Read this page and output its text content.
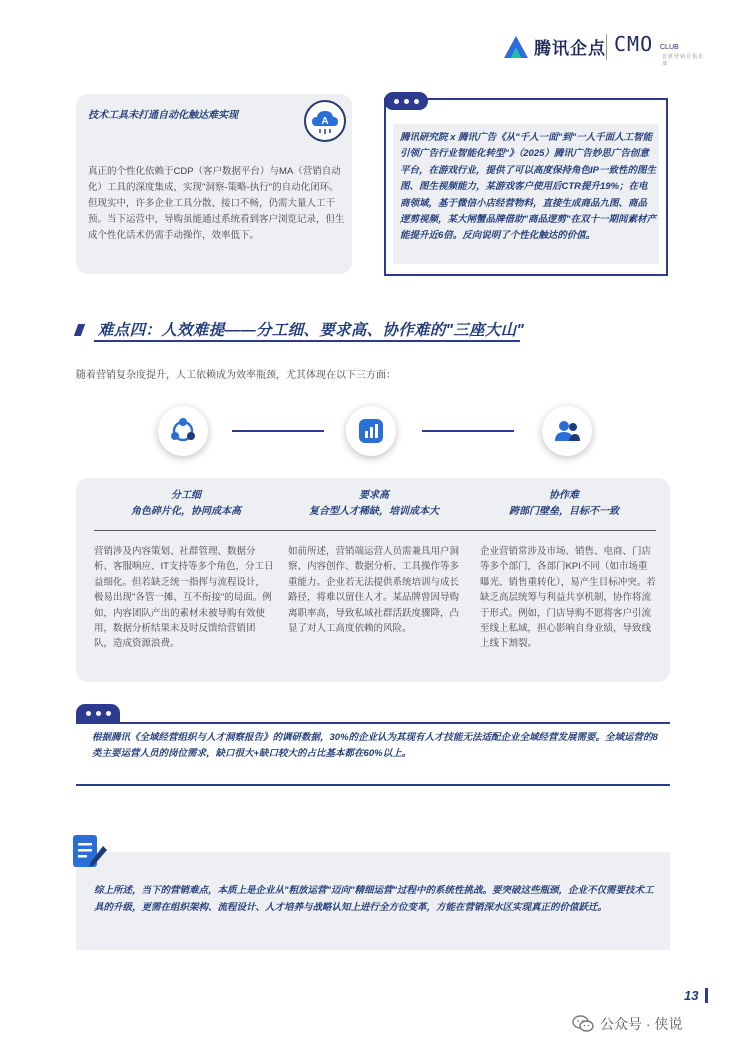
腾讯企点 CMO CLUB
首席营销官俱乐部
技术工具未打通自动化触达难实现
A
真正的个性化依赖于CDP（客户数据平台）与MA（营销自动化）工具的深度集成，实现"洞察-策略-执行"的自动化闭环。但现实中，许多企业工具分散、接口不畅，仍需大量人工干预。当下运营中，导购虽能通过系统看到客户浏览记录，但生成个性化话术仍需手动操作，效率低下。
腾讯研究院 x 腾讯广告《从"千人一面"到"一人千面人工智能引领广告行业智能化转型"》（2025）腾讯广告妙思广告创意平台，在游戏行业，提供了可以高度保持角色IP一致性的图生图、图生视频能力，某游戏客户使用后CTR提升19%；在电商领域，基于微信小店经营物料，直接生成商品九图、商品逻剪视频，某大闸蟹品牌借助"商品逻剪"在双十一期间素材产能提升近6倍。反向说明了个性化触达的价值。
难点四：人效难提——分工细、要求高、协作难的"三座大山"
随着营销复杂度提升，人工依赖成为效率瓶颈，尤其体现在以下三方面：
分工细
角色碎片化，协同成本高
要求高
复合型人才稀缺，培训成本大
协作难
跨部门壁垒，目标不一致
营销涉及内容策划、社群管理、数据分析、客服响应、IT支持等多个角色，分工日益细化。但若缺乏统一指挥与流程设计，极易出现"各管一摊、互不衔接"的局面。例如，内容团队产出的素材未被导购有效使用，数据分析结果未及时反馈给营销团队，造成资源浪费。
如前所述，营销端运营人员需兼具用户洞察、内容创作、数据分析、工具操作等多重能力。企业若无法提供系统培训与成长路径，将难以留住人才。某品牌曾因导购离职率高，导致私域社群活跃度骤降，凸显了对人工高度依赖的风险。
企业营销常涉及市场、销售、电商、门店等多个部门，各部门KPI不同（如市场重曝光、销售重转化），易产生目标冲突。若缺乏高层统筹与利益共享机制，协作将流于形式。例如，门店导购不愿将客户引流至线上私域，担心影响自身业绩，导致线上线下割裂。
根据腾讯《全域经营组织与人才洞察报告》的调研数据，30%的企业认为其现有人才技能无法适配企业全域经营发展需要。全域运营的8类主要运营人员的岗位需求，缺口很大+缺口较大的占比基本都在60%以上。
综上所述，当下的营销难点，本质上是企业从"粗放运营"迈向"精细运营"过程中的系统性挑战。要突破这些瓶颈，企业不仅需要技术工具的升级，更需在组织架构、流程设计、人才培养与战略认知上进行全方位变革，方能在营销深水区实现真正的价值跃迁。
13
公众号 · 侠说
